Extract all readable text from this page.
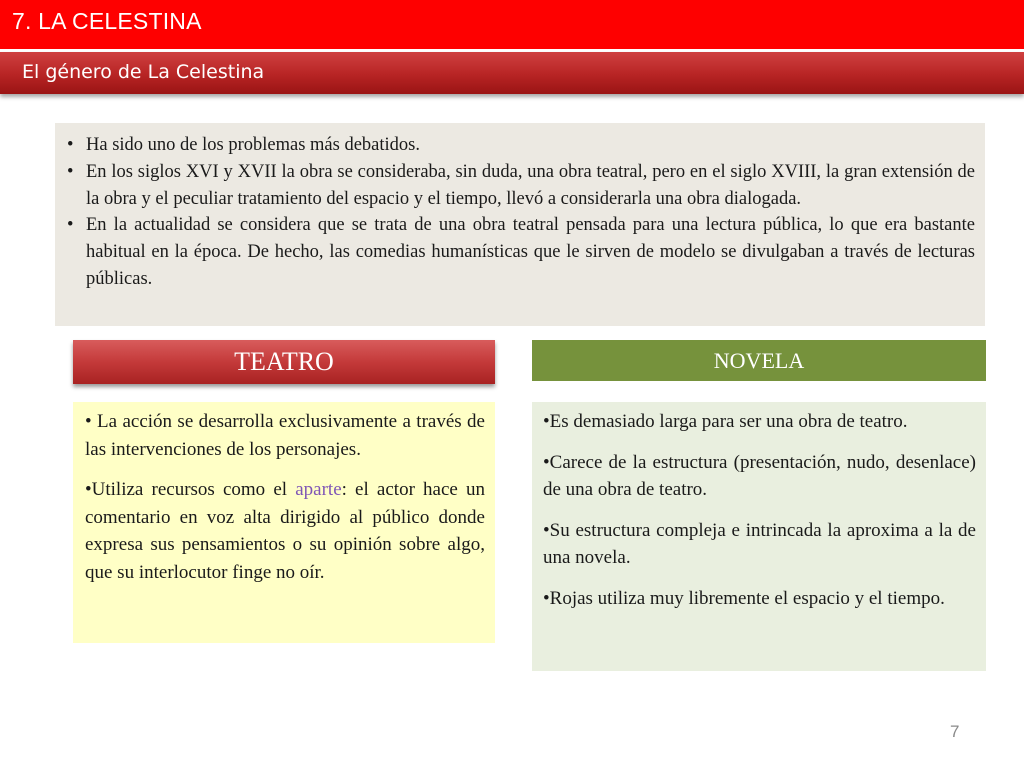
7. LA CELESTINA
El género de La Celestina
• Ha sido uno de los problemas más debatidos.
• En los siglos XVI y XVII la obra se consideraba, sin duda, una obra teatral, pero en el siglo XVIII, la gran extensión de la obra y el peculiar tratamiento del espacio y el tiempo, llevó a considerarla una obra dialogada.
• En la actualidad se considera que se trata de una obra teatral pensada para una lectura pública, lo que era bastante habitual en la época. De hecho, las comedias humanísticas que le sirven de modelo se divulgaban a través de lecturas públicas.
TEATRO	NOVELA

• La acción se desarrolla exclusivamente a través de las intervenciones de los personajes.

•Utiliza recursos como el aparte: el actor hace un comentario en voz alta dirigido al público donde expresa sus pensamientos o su opinión sobre algo, que su interlocutor finge no oír.

•Es demasiado larga para ser una obra de teatro.

•Carece de la estructura (presentación, nudo, desenlace) de una obra de teatro.

•Su estructura compleja e intrincada la aproxima a la de una novela.

•Rojas utiliza muy libremente el espacio y el tiempo.

7
